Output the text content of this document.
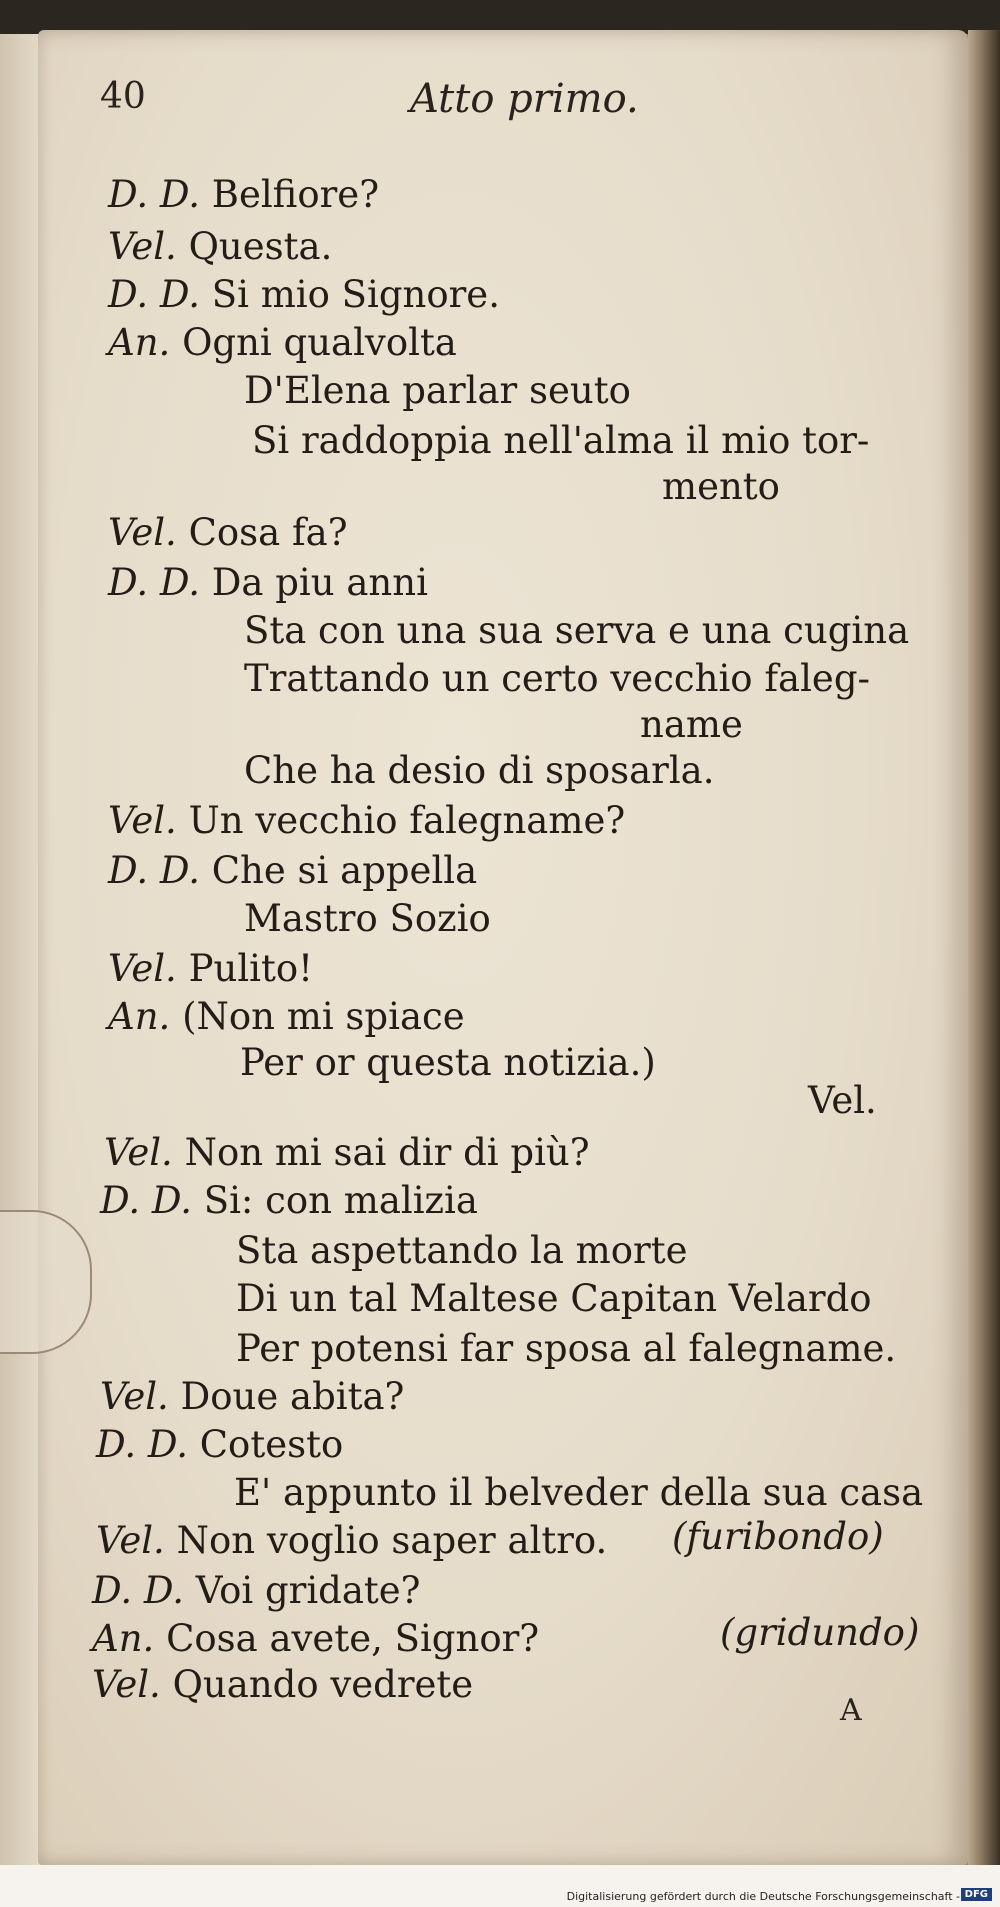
40	Atto primo.
D. D. Belfiore?
Vel. Questa.
D. D. Si mio Signore.
An. Ogni qualvolta
D'Elena parlar seuto
Si raddoppia nell'alma il mio tor-
mento
Vel. Cosa fa?
D. D. Da piu anni
Sta con una sua serva e una cugina
Trattando un certo vecchio faleg-
name
Che ha desio di sposarla.
Vel. Un vecchio falegname?
D. D. Che si appella
Mastro Sozio
Vel. Pulito!
An. (Non mi spiace
Per or questa notizia.)
Vel.
Vel. Non mi sai dir di più?
D. D. Si: con malizia
Sta aspettando la morte
Di un tal Maltese Capitan Velardo
Per potensi far sposa al falegname.
Vel. Doue abita?
D. D. Cotesto
E' appunto il belveder della sua casa
Vel. Non voglio saper altro. (furibondo)
D. D. Voi gridate?
An. Cosa avete, Signor?	(gridundo)
Vel. Quando vedrete
A
Digitalisierung gefördert durch die Deutsche Forschungsgemeinschaft - DFG
